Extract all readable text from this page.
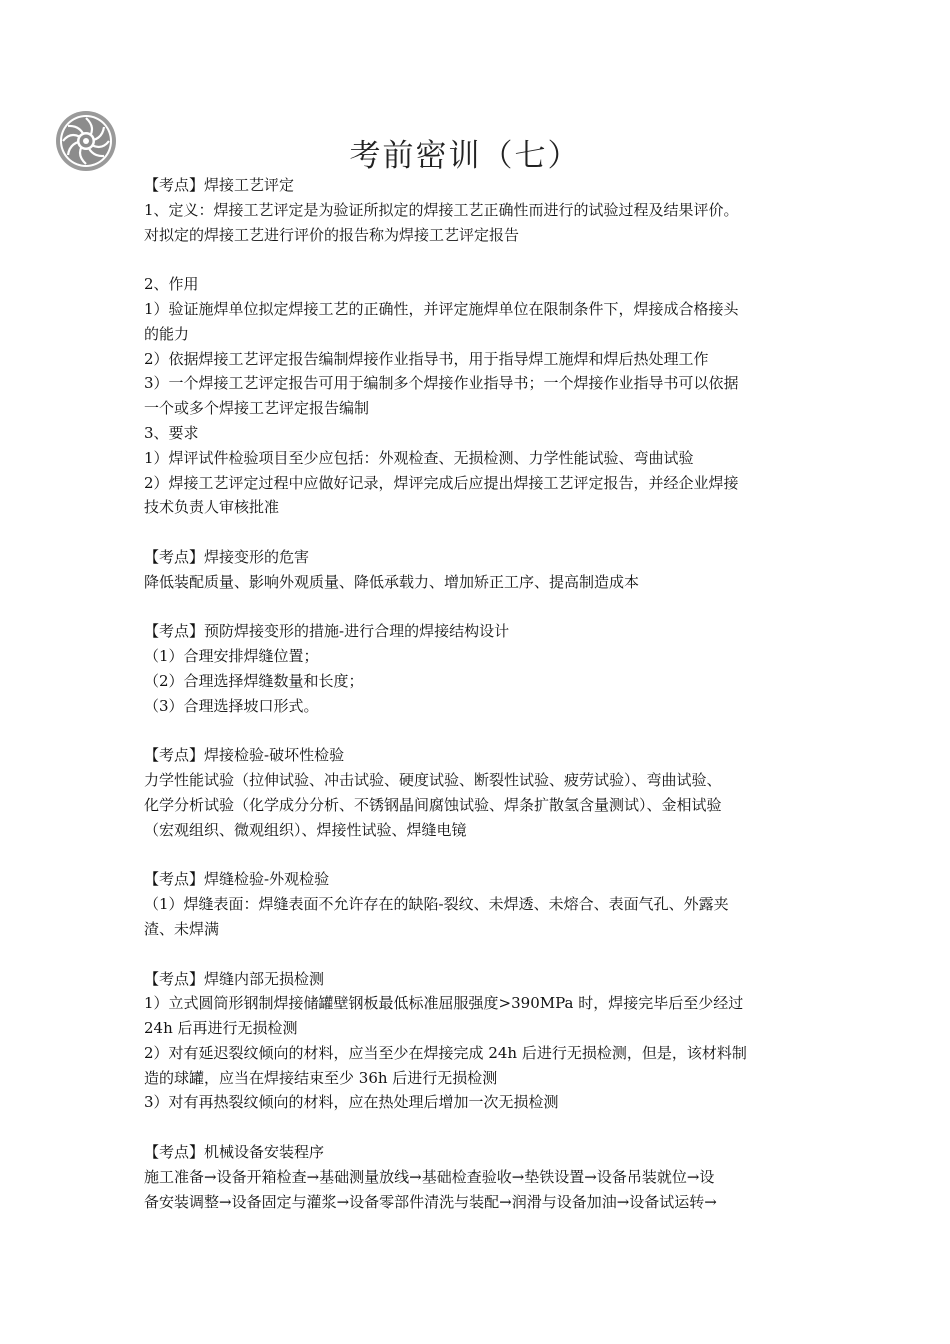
考前密训（七）
【考点】焊接工艺评定
1、定义：焊接工艺评定是为验证所拟定的焊接工艺正确性而进行的试验过程及结果评价。
对拟定的焊接工艺进行评价的报告称为焊接工艺评定报告
2、作用
1）验证施焊单位拟定焊接工艺的正确性，并评定施焊单位在限制条件下，焊接成合格接头
的能力
2）依据焊接工艺评定报告编制焊接作业指导书，用于指导焊工施焊和焊后热处理工作
3）一个焊接工艺评定报告可用于编制多个焊接作业指导书；一个焊接作业指导书可以依据
一个或多个焊接工艺评定报告编制
3、要求
1）焊评试件检验项目至少应包括：外观检查、无损检测、力学性能试验、弯曲试验
2）焊接工艺评定过程中应做好记录，焊评完成后应提出焊接工艺评定报告，并经企业焊接
技术负责人审核批准
【考点】焊接变形的危害
降低装配质量、影响外观质量、降低承载力、增加矫正工序、提高制造成本
【考点】预防焊接变形的措施-进行合理的焊接结构设计
（1）合理安排焊缝位置；
（2）合理选择焊缝数量和长度；
（3）合理选择坡口形式。
【考点】焊接检验-破坏性检验
力学性能试验（拉伸试验、冲击试验、硬度试验、断裂性试验、疲劳试验）、弯曲试验、
化学分析试验（化学成分分析、不锈钢晶间腐蚀试验、焊条扩散氢含量测试）、金相试验
（宏观组织、微观组织）、焊接性试验、焊缝电镜
【考点】焊缝检验-外观检验
（1）焊缝表面：焊缝表面不允许存在的缺陷-裂纹、未焊透、未熔合、表面气孔、外露夹
渣、未焊满
【考点】焊缝内部无损检测
1）立式圆筒形钢制焊接储罐壁钢板最低标准屈服强度>390MPa 时，焊接完毕后至少经过
24h 后再进行无损检测
2）对有延迟裂纹倾向的材料，应当至少在焊接完成 24h 后进行无损检测，但是，该材料制
造的球罐，应当在焊接结束至少 36h 后进行无损检测
3）对有再热裂纹倾向的材料，应在热处理后增加一次无损检测
【考点】机械设备安装程序
施工准备→设备开箱检查→基础测量放线→基础检查验收→垫铁设置→设备吊装就位→设
备安装调整→设备固定与灌浆→设备零部件清洗与装配→润滑与设备加油→设备试运转→
